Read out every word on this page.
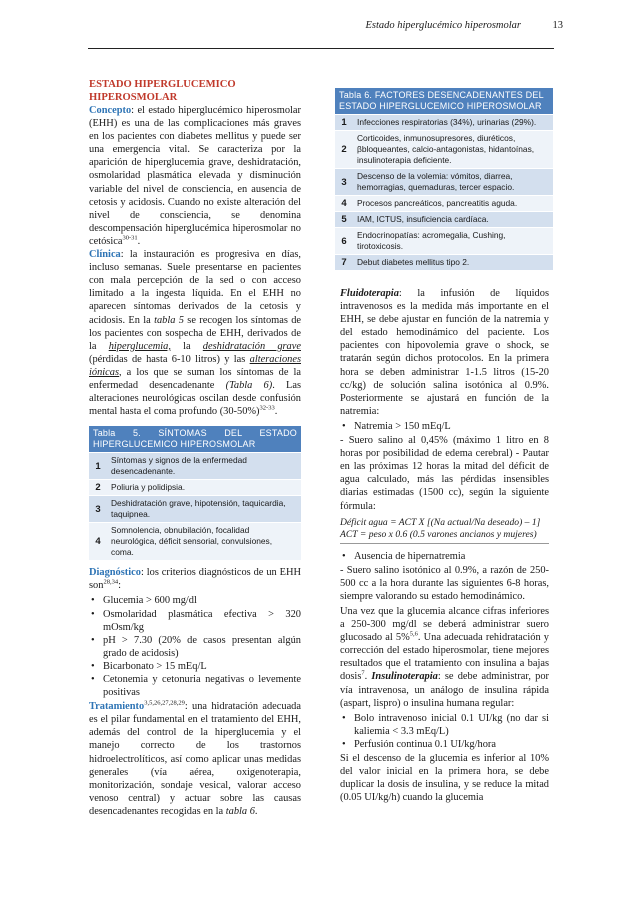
Estado hiperglucémico hiperosmolar	13
ESTADO HIPERGLUCEMICO HIPEROSMOLAR

Concepto: el estado hiperglucémico hiperosmolar (EHH) es una de las complicaciones más graves en los pacientes con diabetes mellitus y puede ser una emergencia vital. Se caracteriza por la aparición de hiperglucemia grave, deshidratación, osmolaridad plasmática elevada y disminución variable del nivel de consciencia, en ausencia de cetosis y acidosis. Cuando no existe alteración del nivel de consciencia, se denomina descompensación hiperglucémica hiperosmolar no cetósica$^{30-31}$.
Clínica: la instauración es progresiva en días, incluso semanas. Suele presentarse en pacientes con mala percepción de la sed o con acceso limitado a la ingesta líquida. En el EHH no aparecen síntomas derivados de la cetosis y acidosis. En la tabla 5 se recogen los síntomas de los pacientes con sospecha de EHH, derivados de la hiperglucemia, la deshidratación grave (pérdidas de hasta 6-10 litros) y las alteraciones iónicas, a los que se suman los síntomas de la enfermedad desencadenante (Tabla 6). Las alteraciones neurológicas oscilan desde confusión mental hasta el coma profundo $(30-50\%)^{32-33}$.

Tabla 5. SÍNTOMAS DEL ESTADO HIPERGLUCEMICO HIPEROSMOLAR
1	Síntomas y signos de la enfermedad desencadenante.
2	Poliuria y polidipsia.
3	Deshidratación grave, hipotensión, taquicardia, taquipnea.
4	Somnolencia, obnubilación, focalidad neurológica, déficit sensorial, convulsiones, coma.

Diagnóstico: los criterios diagnósticos de un EHH son$^{28,34}$:

• Glucemia > 600 mg/dl
• Osmolaridad plasmática efectiva > 320 mOsm/kg
• pH > 7.30 (20% de casos presentan algún grado de acidosis)
• Bicarbonato > 15 mEq/L
• Cetonemia y cetonuria negativas o levemente positivas

Tratamiento$^{3,5,26,27,28,29}$: una hidratación adecuada es el pilar fundamental en el tratamiento del EHH, además del control de la hiperglucemia y el manejo correcto de los trastornos hidroelectrolíticos, así como aplicar unas medidas generales (vía aérea, oxigenoterapia, monitorización, sondaje vesical, valorar acceso venoso central) y actuar sobre las causas desencadenantes recogidas en la tabla 6.

Tabla 6. FACTORES DESENCADENANTES DEL ESTADO HIPERGLUCEMICO HIPEROSMOLAR
1	Infecciones respiratorias (34%), urinarias (29%).
2	Corticoides, inmunosupresores, diuréticos, βbloqueantes, calcio-antagonistas, hidantoínas, insulinoterapia deficiente.
3	Descenso de la volemia: vómitos, diarrea, hemorragias, quemaduras, tercer espacio.
4	Procesos pancreáticos, pancreatitis aguda.
5	IAM, ICTUS, insuficiencia cardíaca.
6	Endocrinopatías: acromegalia, Cushing, tirotoxicosis.
7	Debut diabetes mellitus tipo 2.

Fluidoterapia: la infusión de líquidos intravenosos es la medida más importante en el EHH, se debe ajustar en función de la natremia y del estado hemodinámico del paciente. Los pacientes con hipovolemia grave o shock, se tratarán según dichos protocolos. En la primera hora se deben administrar 1-1.5 litros (15-20 cc/kg) de solución salina isotónica al 0.9%. Posteriormente se ajustará en función de la natremia:

• Natremia > 150 mEq/L

- Suero salino al 0,45% (máximo 1 litro en 8 horas por posibilidad de edema cerebral) - Pautar en las próximas 12 horas la mitad del déficit de agua calculado, más las pérdidas insensibles diarias estimadas (1500 cc), según la siguiente fórmula:

Déficit agua = ACT X [(Na actual/Na deseado) – 1] ACT = peso x 0.6 (0.5 varones ancianos y mujeres)
• Ausencia de hipernatremia

- Suero salino isotónico al 0.9%, a razón de 250-500 cc a la hora durante las siguientes 6-8 horas, siempre valorando su estado hemodinámico.

Una vez que la glucemia alcance cifras inferiores a 250-300 mg/dl se deberá administrar suero glucosado al 5%$^{5,6}$. Una adecuada rehidratación y corrección del estado hiperosmolar, tiene mejores resultados que el tratamiento con insulina a bajas dosis$^7$. Insulinoterapia: se debe administrar, por vía intravenosa, un análogo de insulina rápida (aspart, lispro) o insulina humana regular:

• Bolo intravenoso inicial 0.1 UI/kg (no dar si kaliemia < 3.3 mEq/L)
• Perfusión continua 0.1 UI/kg/hora

Si el descenso de la glucemia es inferior al 10% del valor inicial en la primera hora, se debe duplicar la dosis de insulina, y se reduce la mitad (0.05 UI/kg/h) cuando la glucemia
